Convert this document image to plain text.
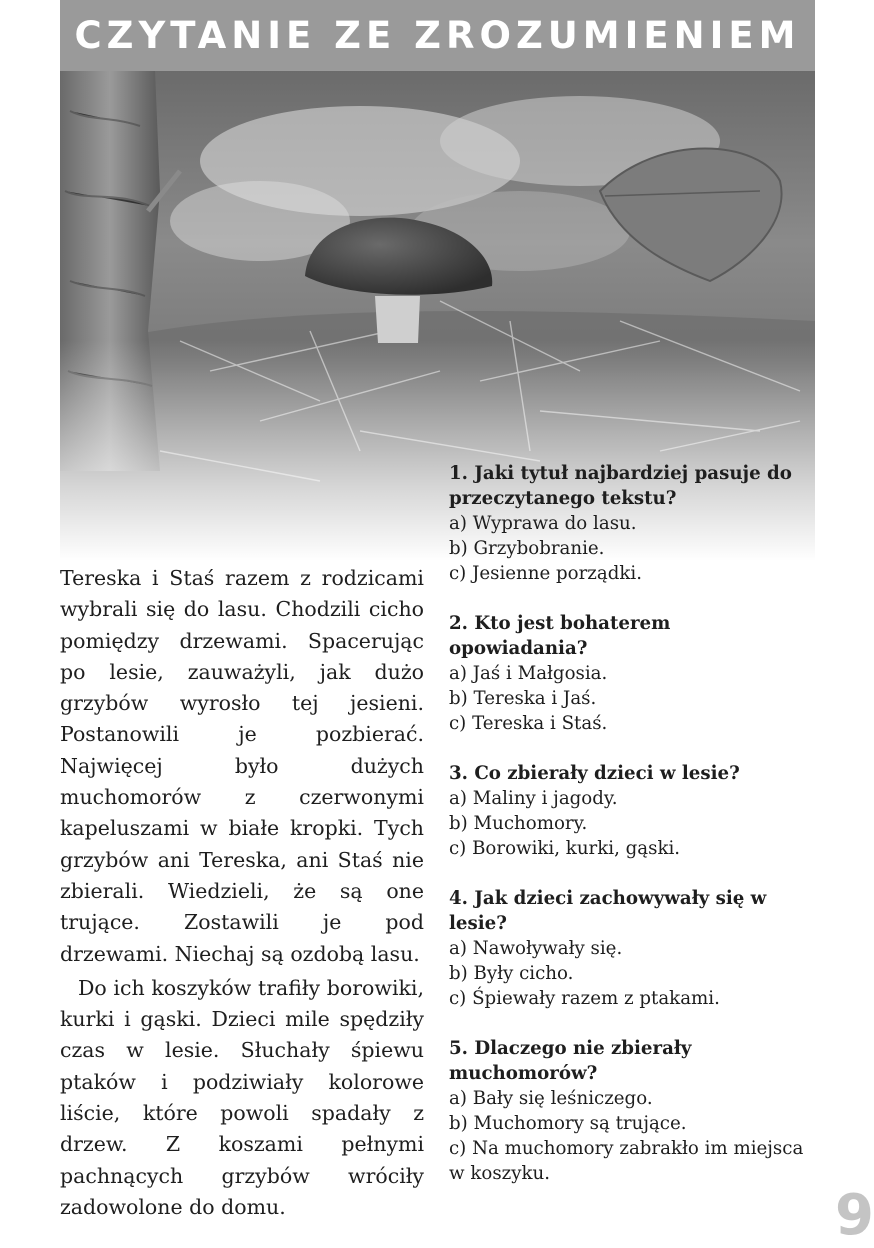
CZYTANIE ZE ZROZUMIENIEM

Tereska i Staś razem z rodzicami wybrali się do lasu. Chodzili cicho pomiędzy drzewami. Spacerując po lesie, zauważyli, jak dużo grzybów wyrosło tej jesieni. Postanowili je pozbierać. Najwięcej było dużych muchomorów z czerwonymi kapeluszami w białe kropki. Tych grzybów ani Tereska, ani Staś nie zbierali. Wiedzieli, że są one trujące. Zostawili je pod drzewami. Niechaj są ozdobą lasu.

Do ich koszyków trafiły borowiki, kurki i gąski. Dzieci mile spędziły czas w lesie. Słuchały śpiewu ptaków i podziwiały kolorowe liście, które powoli spadały z drzew. Z koszami pełnymi pachnących grzybów wróciły zadowolone do domu.

1. Jaki tytuł najbardziej pasuje do przeczytanego tekstu?
a) Wyprawa do lasu.
b) Grzybobranie.
c) Jesienne porządki.
2. Kto jest bohaterem opowiadania?
a) Jaś i Małgosia.
b) Tereska i Jaś.
c) Tereska i Staś.
3. Co zbierały dzieci w lesie?
a) Maliny i jagody.
b) Muchomory.
c) Borowiki, kurki, gąski.
4. Jak dzieci zachowywały się w lesie?
a) Nawoływały się.
b) Były cicho.
c) Śpiewały razem z ptakami.
5. Dlaczego nie zbierały muchomorów?
a) Bały się leśniczego.
b) Muchomory są trujące.
c) Na muchomory zabrakło im miejsca w koszyku.
9
